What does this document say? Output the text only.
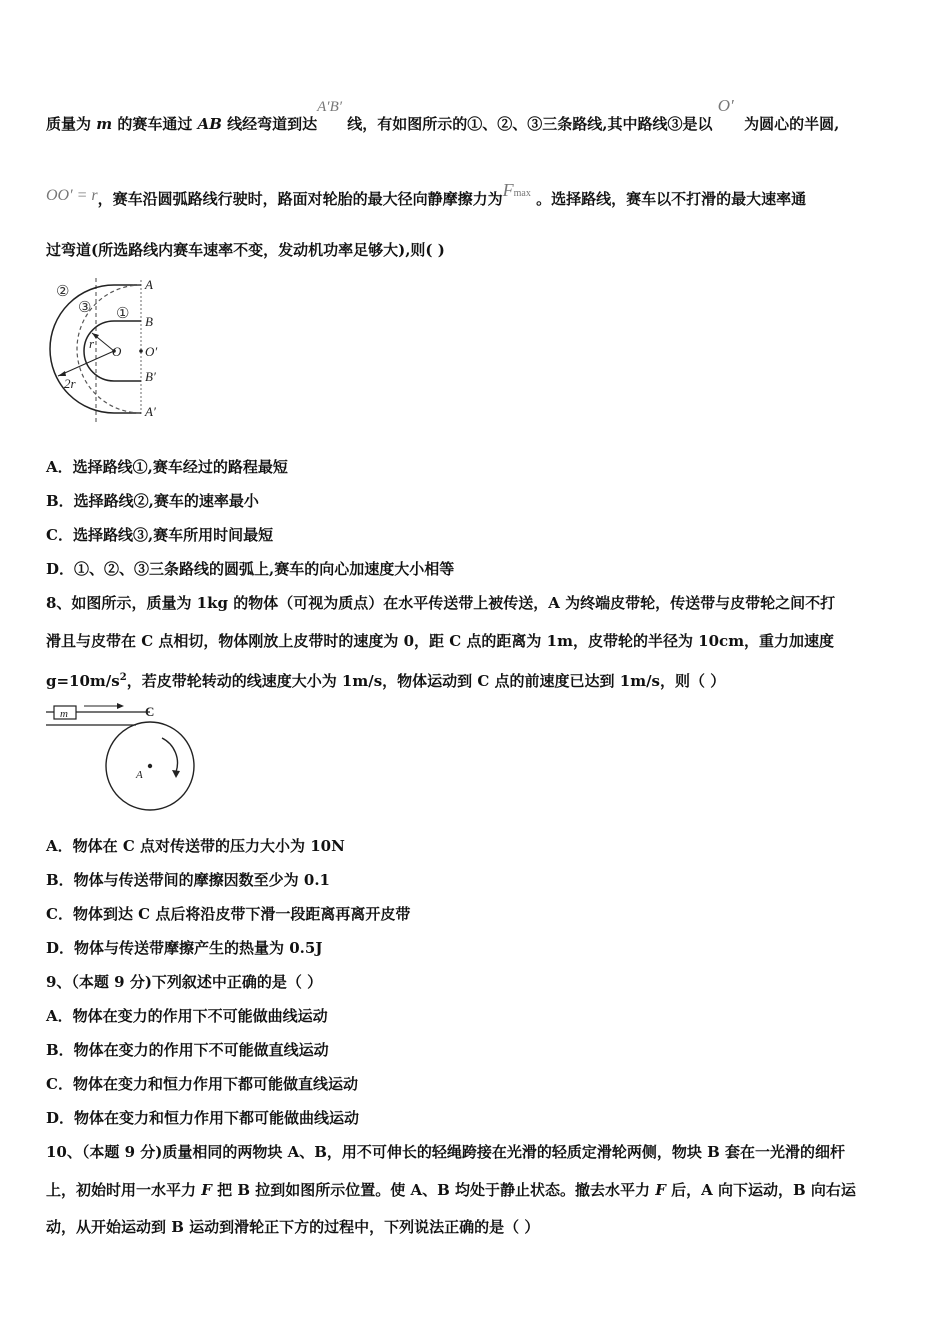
质量为 m 的赛车通过 AB 线经弯道到达A′B′ 线，有如图所示的①、②、③三条路线,其中路线③是以 O′  为圆心的半圆,
OO′ = r，赛车沿圆弧路线行驶时，路面对轮胎的最大径向静摩擦力为Fmax 。选择路线，赛车以不打滑的最大速率通
过弯道(所选路线内赛车速率不变，发动机功率足够大),则( )
②
③ ①
A
B
O O′
B′
A′
r
2r
A．选择路线①,赛车经过的路程最短
B．选择路线②,赛车的速率最小
C．选择路线③,赛车所用时间最短
D．①、②、③三条路线的圆弧上,赛车的向心加速度大小相等
8、如图所示，质量为 1kg 的物体（可视为质点）在水平传送带上被传送，A 为终端皮带轮，传送带与皮带轮之间不打
滑且与皮带在 C 点相切，物体刚放上皮带时的速度为 0，距 C 点的距离为 1m，皮带轮的半径为 10cm，重力加速度
$g=10m/s^2$，若皮带轮转动的线速度大小为 1m/s，物体运动到 C 点的前速度已达到 1m/s，则（ ）
m	C
A
A．物体在 C 点对传送带的压力大小为 10N
B．物体与传送带间的摩擦因数至少为 0.1
C．物体到达 C 点后将沿皮带下滑一段距离再离开皮带
D．物体与传送带摩擦产生的热量为 0.5J
9、（本题 9 分)下列叙述中正确的是（ ）
A．物体在变力的作用下不可能做曲线运动
B．物体在变力的作用下不可能做直线运动
C．物体在变力和恒力作用下都可能做直线运动
D．物体在变力和恒力作用下都可能做曲线运动
10、（本题 9 分)质量相同的两物块 A、B，用不可伸长的轻绳跨接在光滑的轻质定滑轮两侧，物块 B 套在一光滑的细杆
上，初始时用一水平力 F 把 B 拉到如图所示位置。使 A、B 均处于静止状态。撤去水平力 F 后，A 向下运动，B 向右运
动，从开始运动到 B 运动到滑轮正下方的过程中，下列说法正确的是（ ）
